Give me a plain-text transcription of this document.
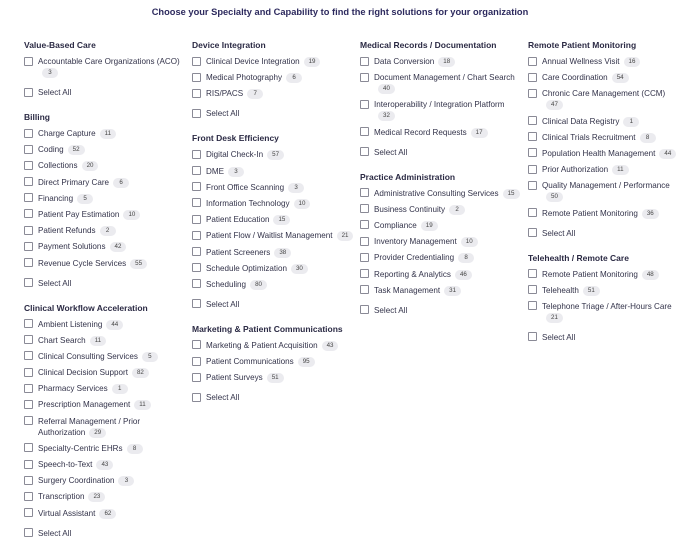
Choose your Specialty and Capability to find the right solutions for your organization
Value-Based Care
Accountable Care Organizations (ACO)3
Select All
Billing
Charge Capture 11
Coding 52
Collections 20
Direct Primary Care 6
Financing 5
Patient Pay Estimation 10
Patient Refunds 2
Payment Solutions 42
Revenue Cycle Services 55
Select All
Clinical Workflow Acceleration
Ambient Listening 44
Chart Search 11
Clinical Consulting Services 5
Clinical Decision Support 82
Pharmacy Services 1
Prescription Management 11
Referral Management / Prior Authorization 29
Specialty-Centric EHRs 8
Speech-to-Text 43
Surgery Coordination 3
Transcription 23
Virtual Assistant 62
Select All
Device Integration
Clinical Device Integration 19
Medical Photography 6
RIS/PACS 7
Select All
Front Desk Efficiency
Digital Check-In 57
DME 3
Front Office Scanning 3
Information Technology 10
Patient Education 15
Patient Flow / Waitlist Management 21
Patient Screeners 38
Schedule Optimization 30
Scheduling 80
Select All
Marketing & Patient Communications
Marketing & Patient Acquisition 43
Patient Communications 95
Patient Surveys 51
Select All
Medical Records / Documentation
Data Conversion 18
Document Management / Chart Search40
Interoperability / Integration Platform32
Medical Record Requests 17
Select All
Practice Administration
Administrative Consulting Services 15
Business Continuity 2
Compliance 19
Inventory Management 10
Provider Credentialing 8
Reporting & Analytics 46
Task Management 31
Select All
Remote Patient Monitoring
Annual Wellness Visit 16
Care Coordination 54
Chronic Care Management (CCM)47
Clinical Data Registry 1
Clinical Trials Recruitment 8
Population Health Management 44
Prior Authorization 11
Quality Management / Performance50
Remote Patient Monitoring 36
Select All
Telehealth / Remote Care
Remote Patient Monitoring 48
Telehealth 51
Telephone Triage / After-Hours Care21
Select All
